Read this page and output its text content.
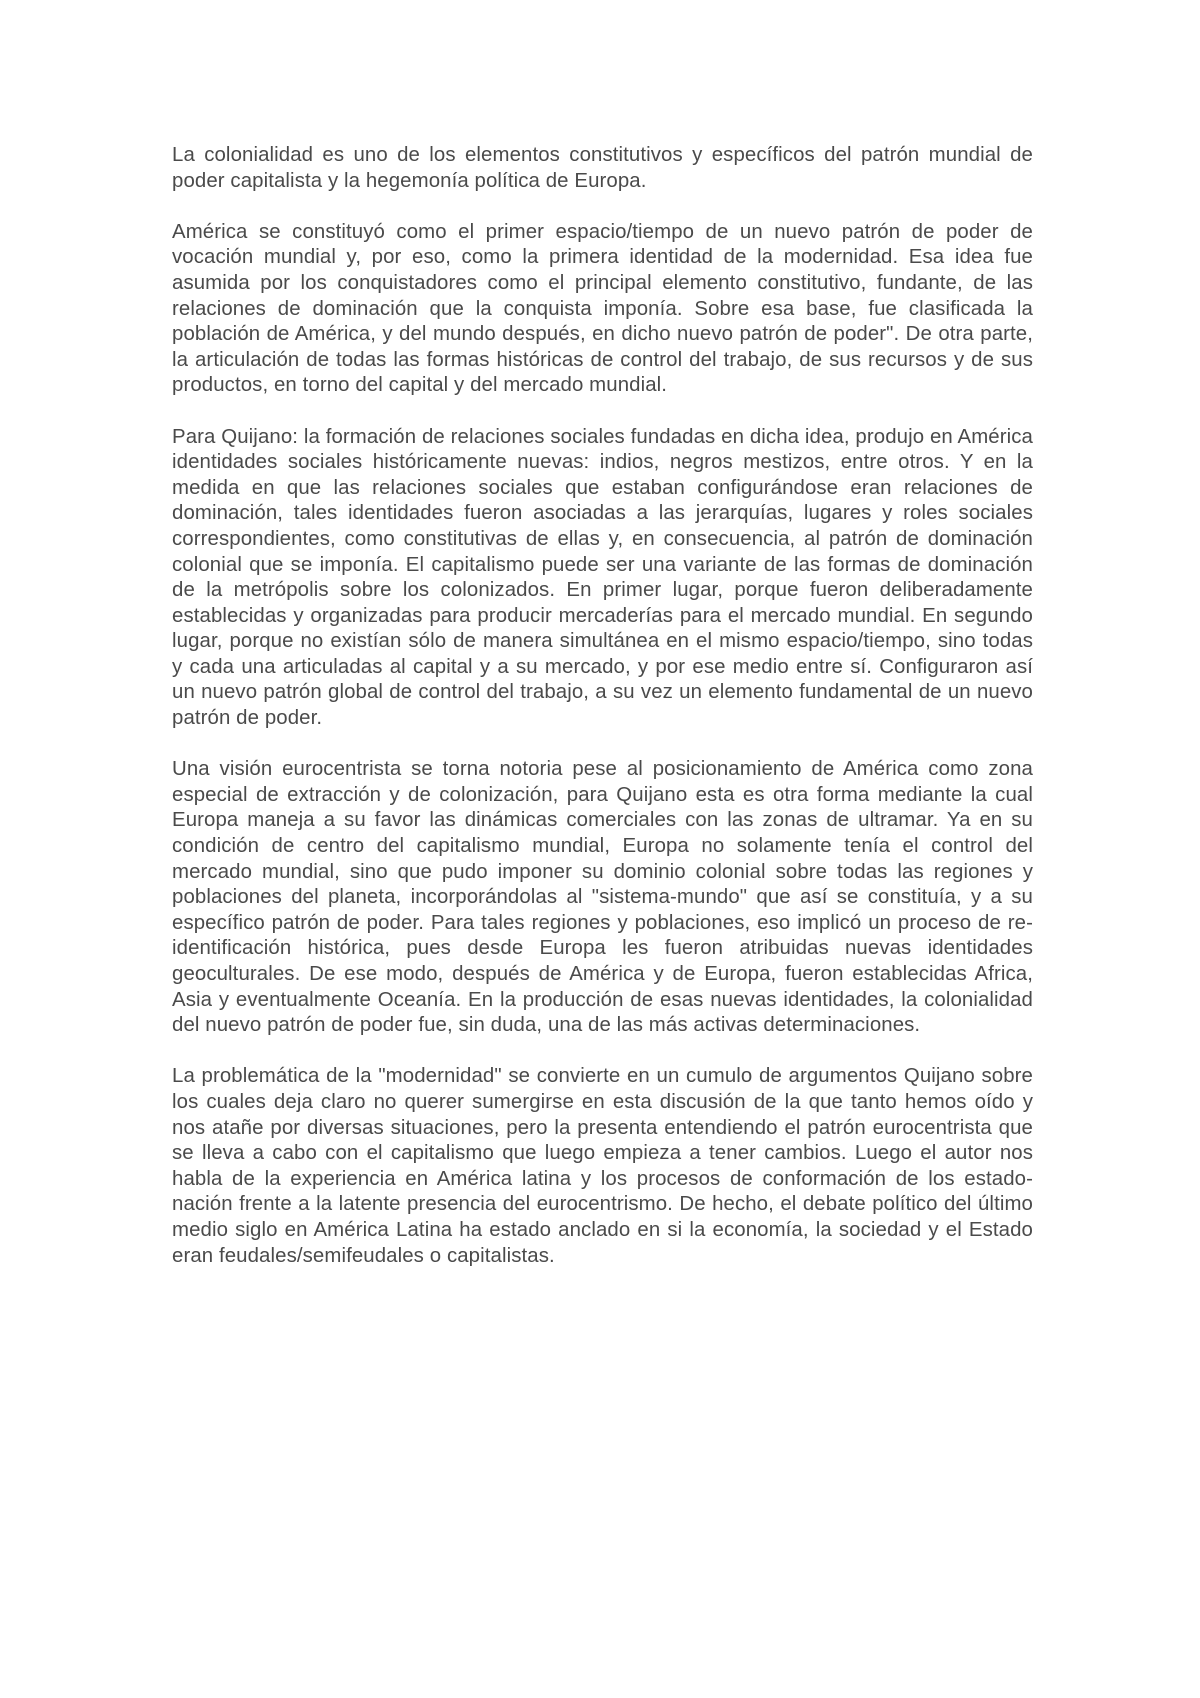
La colonialidad es uno de los elementos constitutivos y específicos del patrón mundial de poder capitalista y la hegemonía política de Europa.

América se constituyó como el primer espacio/tiempo de un nuevo patrón de poder de vocación mundial y, por eso, como la primera identidad de la modernidad. Esa idea fue asumida por los conquistadores como el principal elemento constitutivo, fundante, de las relaciones de dominación que la conquista imponía. Sobre esa base, fue clasificada la población de América, y del mundo después, en dicho nuevo patrón de poder". De otra parte, la articulación de todas las formas históricas de control del trabajo, de sus recursos y de sus productos, en torno del capital y del mercado mundial.

Para Quijano: la formación de relaciones sociales fundadas en dicha idea, produjo en América identidades sociales históricamente nuevas: indios, negros mestizos, entre otros. Y en la medida en que las relaciones sociales que estaban configurándose eran relaciones de dominación, tales identidades fueron asociadas a las jerarquías, lugares y roles sociales correspondientes, como constitutivas de ellas y, en consecuencia, al patrón de dominación colonial que se imponía. El capitalismo puede ser una variante de las formas de dominación de la metrópolis sobre los colonizados. En primer lugar, porque fueron deliberadamente establecidas y organizadas para producir mercaderías para el mercado mundial. En segundo lugar, porque no existían sólo de manera simultánea en el mismo espacio/tiempo, sino todas y cada una articuladas al capital y a su mercado, y por ese medio entre sí. Configuraron así un nuevo patrón global de control del trabajo, a su vez un elemento fundamental de un nuevo patrón de poder.

Una visión eurocentrista se torna notoria pese al posicionamiento de América como zona especial de extracción y de colonización, para Quijano esta es otra forma mediante la cual Europa maneja a su favor las dinámicas comerciales con las zonas de ultramar. Ya en su condición de centro del capitalismo mundial, Europa no solamente tenía el control del mercado mundial, sino que pudo imponer su dominio colonial sobre todas las regiones y poblaciones del planeta, incorporándolas al "sistema-mundo" que así se constituía, y a su específico patrón de poder. Para tales regiones y poblaciones, eso implicó un proceso de re-identificación histórica, pues desde Europa les fueron atribuidas nuevas identidades geoculturales. De ese modo, después de América y de Europa, fueron establecidas Africa, Asia y eventualmente Oceanía. En la producción de esas nuevas identidades, la colonialidad del nuevo patrón de poder fue, sin duda, una de las más activas determinaciones.

La problemática de la "modernidad" se convierte en un cumulo de argumentos Quijano sobre los cuales deja claro no querer sumergirse en esta discusión de la que tanto hemos oído y nos atañe por diversas situaciones, pero la presenta entendiendo el patrón eurocentrista que se lleva a cabo con el capitalismo que luego empieza a tener cambios. Luego el autor nos habla de la experiencia en América latina y los procesos de conformación de los estado-nación frente a la latente presencia del eurocentrismo. De hecho, el debate político del último medio siglo en América Latina ha estado anclado en si la economía, la sociedad y el Estado eran feudales/semifeudales o capitalistas.
